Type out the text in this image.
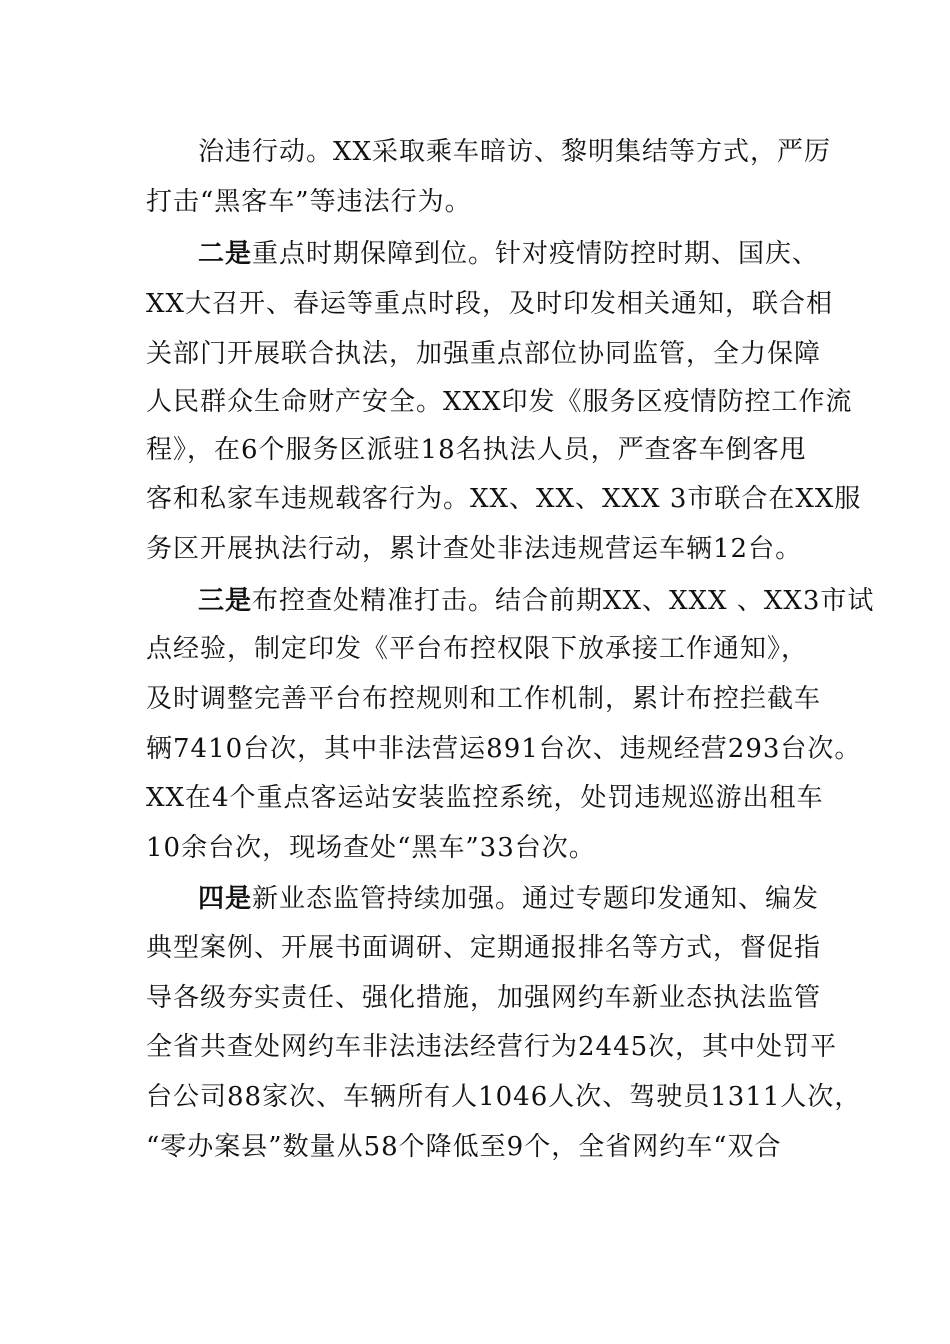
治违行动。XX采取乘车暗访、黎明集结等方式，严厉
打击“黑客车”等违法行为。
二是重点时期保障到位。针对疫情防控时期、国庆、
XX大召开、春运等重点时段，及时印发相关通知，联合相
关部门开展联合执法，加强重点部位协同监管，全力保障
人民群众生命财产安全。XXX印发《服务区疫情防控工作流
程》，在6个服务区派驻18名执法人员，严查客车倒客甩
客和私家车违规载客行为。XX、XX、XXX 3市联合在XX服
务区开展执法行动，累计查处非法违规营运车辆12台。
三是布控查处精准打击。结合前期XX、XXX 、XX3市试
点经验，制定印发《平台布控权限下放承接工作通知》，
及时调整完善平台布控规则和工作机制，累计布控拦截车
辆7410台次，其中非法营运891台次、违规经营293台次。
XX在4个重点客运站安装监控系统，处罚违规巡游出租车
10余台次，现场查处“黑车”33台次。
四是新业态监管持续加强。通过专题印发通知、编发
典型案例、开展书面调研、定期通报排名等方式，督促指
导各级夯实责任、强化措施，加强网约车新业态执法监管
全省共查处网约车非法违法经营行为2445次，其中处罚平
台公司88家次、车辆所有人1046人次、驾驶员1311人次，
“零办案县”数量从58个降低至9个，全省网约车“双合
